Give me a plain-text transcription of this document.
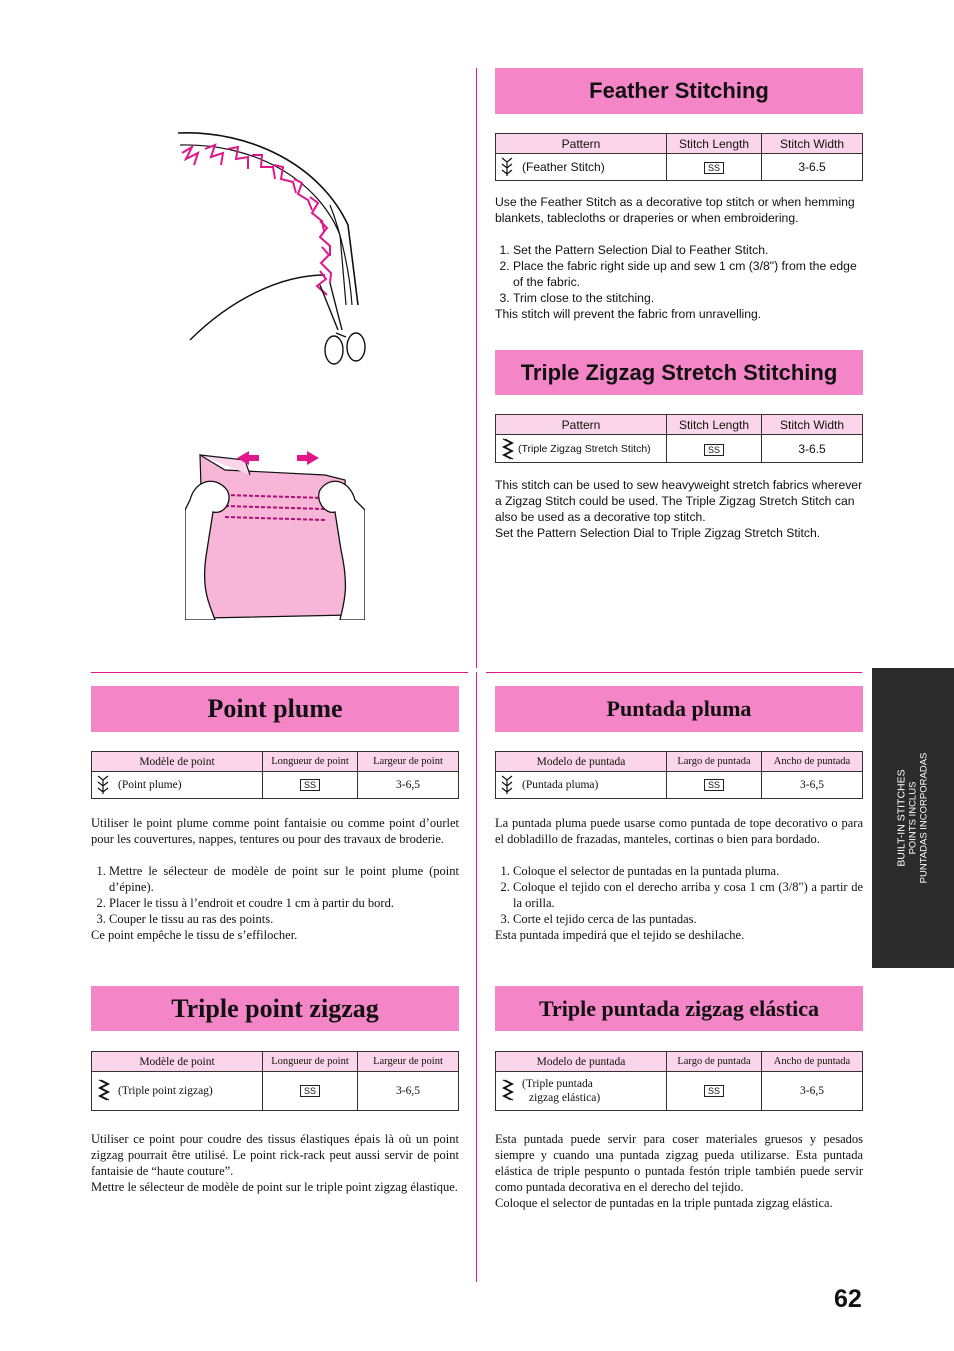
Feather Stitching
Pattern	Stitch Length	Stitch Width

(Feather Stitch)	SS	3-6.5

Use the Feather Stitch as a decorative top stitch or when hemming blankets, tablecloths or draperies or when embroidering.

1. Set the Pattern Selection Dial to Feather Stitch.
2. Place the fabric right side up and sew 1 cm (3/8") from the edge of the fabric.
3. Trim close to the stitching.

This stitch will prevent the fabric from unravelling.

Triple Zigzag Stretch Stitching
Pattern	Stitch Length	Stitch Width

(Triple Zigzag Stretch Stitch)	SS	3-6.5

This stitch can be used to sew heavyweight stretch fabrics wherever a Zigzag Stitch could be used. The Triple Zigzag Stretch Stitch can also be used as a decorative top stitch.

Set the Pattern Selection Dial to Triple Zigzag Stretch Stitch.

Point plume
Modèle de point	Longueur de point	Largeur de point

(Point plume)	SS	3-6,5

Utiliser le point plume comme point fantaisie ou comme point d’ourlet pour les couvertures, nappes, tentures ou pour des travaux de broderie.

1. Mettre le sélecteur de modèle de point sur le point plume (point d’épine).
2. Placer le tissu à l’endroit et coudre 1 cm à partir du bord.
3. Couper le tissu au ras des points.

Ce point empêche le tissu de s’effilocher.

Triple point zigzag
Modèle de point	Longueur de point	Largeur de point

(Triple point zigzag)	SS	3-6,5

Utiliser ce point pour coudre des tissus élastiques épais là où un point zigzag pourrait être utilisé. Le point rick-rack peut aussi servir de point fantaisie de “haute couture”.

Mettre le sélecteur de modèle de point sur le triple point zigzag élastique.

Puntada pluma
Modelo de puntada	Largo de puntada	Ancho de puntada

(Puntada pluma)	SS	3-6,5

La puntada pluma puede usarse como puntada de tope decorativo o para el dobladillo de frazadas, manteles, cortinas o bien para bordado.

1. Coloque el selector de puntadas en la puntada pluma.
2. Coloque el tejido con el derecho arriba y cosa 1 cm (3/8") a partir de la orilla.
3. Corte el tejido cerca de las puntadas.

Esta puntada impedirá que el tejido se deshilache.

Triple puntada zigzag elástica
Modelo de puntada	Largo de puntada	Ancho de puntada

(Triple puntada
zigzag elástica)	SS	3-6,5

Esta puntada puede servir para coser materiales gruesos y pesados siempre y cuando una puntada zigzag pueda utilizarse. Esta puntada elástica de triple pespunto o puntada festón triple también puede servir como puntada decorativa en el derecho del tejido.

Coloque el selector de puntadas en la triple puntada zigzag elástica.

BUILT-IN STITCHES POINTS INCLUS PUNTADAS INCORPORADAS
62
